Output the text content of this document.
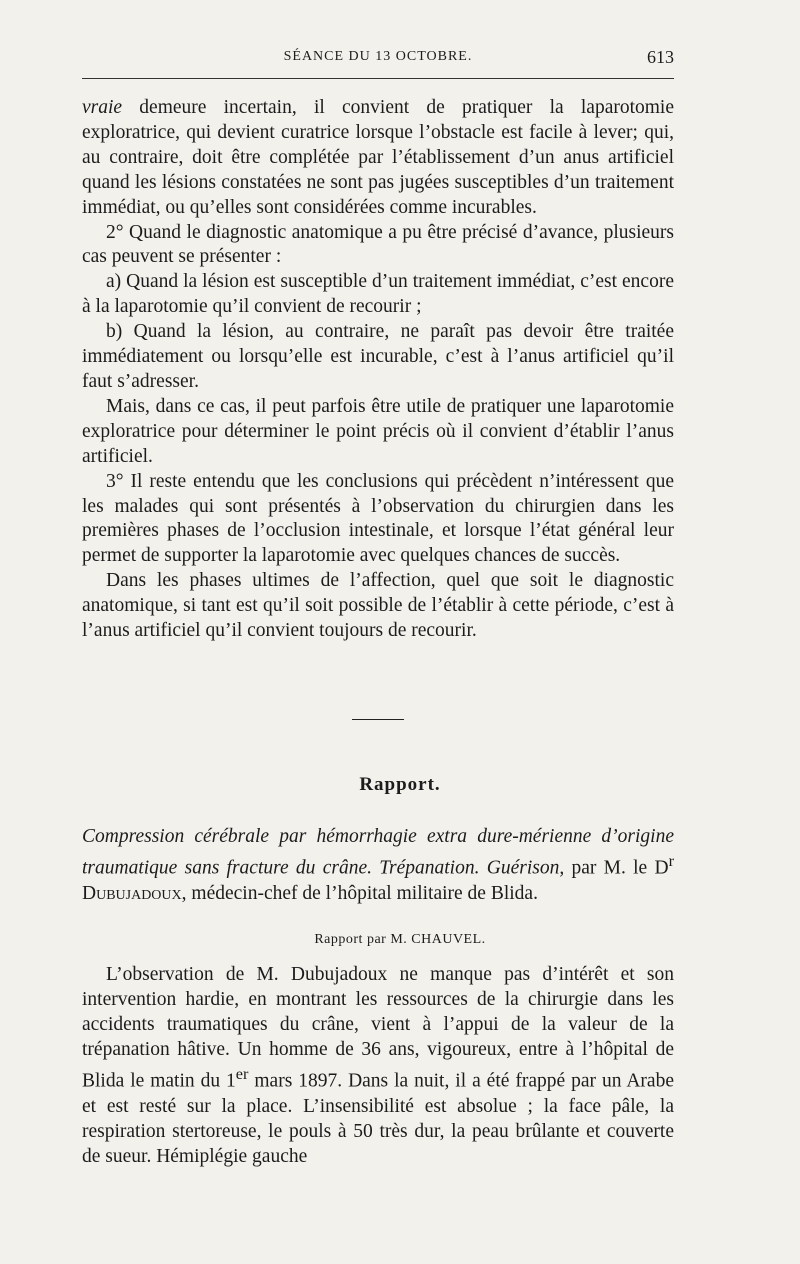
SÉANCE DU 13 OCTOBRE.	613

vraie demeure incertain, il convient de pratiquer la laparotomie exploratrice, qui devient curatrice lorsque l’obstacle est facile à lever; qui, au contraire, doit être complétée par l’établissement d’un anus artificiel quand les lésions constatées ne sont pas jugées susceptibles d’un traitement immédiat, ou qu’elles sont considérées comme incurables.

2° Quand le diagnostic anatomique a pu être précisé d’avance, plusieurs cas peuvent se présenter :

a) Quand la lésion est susceptible d’un traitement immédiat, c’est encore à la laparotomie qu’il convient de recourir ;

b) Quand la lésion, au contraire, ne paraît pas devoir être traitée immédiatement ou lorsqu’elle est incurable, c’est à l’anus artificiel qu’il faut s’adresser.

Mais, dans ce cas, il peut parfois être utile de pratiquer une laparotomie exploratrice pour déterminer le point précis où il convient d’établir l’anus artificiel.

3° Il reste entendu que les conclusions qui précèdent n’intéressent que les malades qui sont présentés à l’observation du chirurgien dans les premières phases de l’occlusion intestinale, et lorsque l’état général leur permet de supporter la laparotomie avec quelques chances de succès.

Dans les phases ultimes de l’affection, quel que soit le diagnostic anatomique, si tant est qu’il soit possible de l’établir à cette période, c’est à l’anus artificiel qu’il convient toujours de recourir.

Rapport.
Compression cérébrale par hémorrhagie extra dure-mérienne d’origine traumatique sans fracture du crâne. Trépanation. Guérison, par M. le $D^r$ Dubujadoux, médecin-chef de l’hôpital militaire de Blida.
Rapport par M. CHAUVEL.

L’observation de M. Dubujadoux ne manque pas d’intérêt et son intervention hardie, en montrant les ressources de la chirurgie dans les accidents traumatiques du crâne, vient à l’appui de la valeur de la trépanation hâtive. Un homme de 36 ans, vigoureux, entre à l’hôpital de Blida le matin du 1er mars 1897. Dans la nuit, il a été frappé par un Arabe et est resté sur la place. L’insensibilité est absolue ; la face pâle, la respiration stertoreuse, le pouls à 50 très dur, la peau brûlante et couverte de sueur. Hémiplégie gauche
